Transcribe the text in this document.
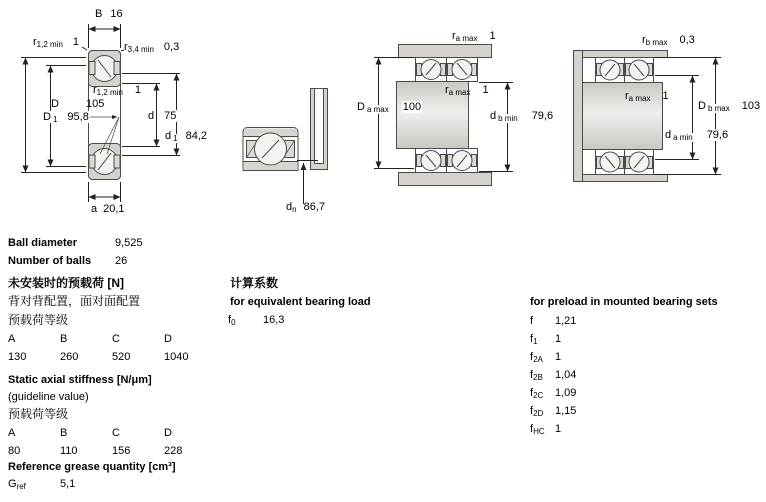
B 16
$r_{1,2 min}$ 1	$r_{3,4 min}$ 0,3
D 105
D $_1$ 95,8
$r_{1,2 min}$ 1
d 75
d $_1$ 84,2
a 20,1	$d_n$ 86,7
$r_{a max}$ 1
$r_{a max}$ 1
D $_{a max}$ 100
d $_{b min}$ 79,6
$r_{b max}$ 0,3
$r_{a max}$ 1
D $_{b max}$ 103
d $_{a min}$ 79,6
Ball diameter	9,525
Number of balls 26
未安装时的预载荷 [N]
背对背配置，面对面配置
预载荷等级
A	B	C	D
130	260	520	1040
Static axial stiffness [N/μm]
(guideline value)
预载荷等级
A	B	C	D
80	110	156	228
Reference grease quantity [cm³]
$G_{ref}$	5,1
计算系数
for equivalent bearing load
$f_0$ 16,3
for preload in mounted bearing sets
f 1,21
$f_1$ 1
$f_{2A}$ 1
$f_{2B}$ 1,04
$f_{2C}$ 1,09
$f_{2D}$ 1,15
$f_{HC}$ 1
